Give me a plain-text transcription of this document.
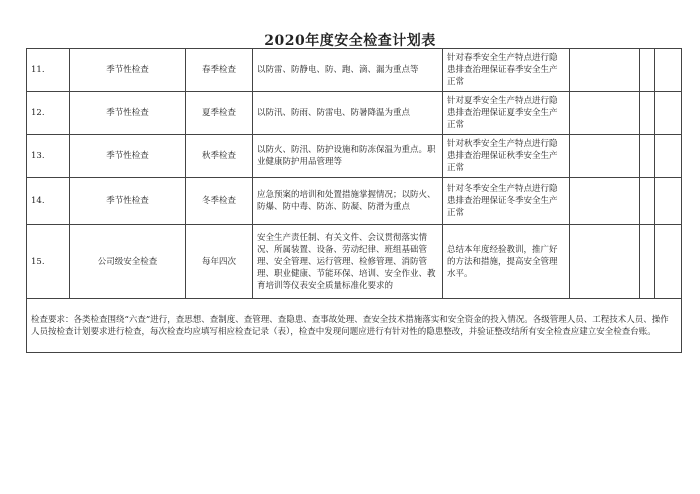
2020年度安全检查计划表
11.	季节性检查	春季检查	以防雷、防静电、防、跑、滴、漏为重点等	针对春季安全生产特点进行隐患排查治理保证春季安全生产正常			
12.	季节性检查	夏季检查	以防汛、防雨、防雷电、防暑降温为重点	针对夏季安全生产特点进行隐患排查治理保证夏季安全生产正常			
13.	季节性检查	秋季检查	以防火、防汛、防护设施和防冻保温为重点。职业健康防护用品管理等	针对秋季安全生产特点进行隐患排查治理保证秋季安全生产正常			
14.	季节性检查	冬季检查	应急预案的培训和处置措施掌握情况；以防火、防爆、防中毒、防冻、防凝、防滑为重点	针对冬季安全生产特点进行隐患排查治理保证冬季安全生产正常			
15.	公司级安全检查	每年四次	安全生产责任制、有关文件、会议贯彻落实情况、所属装置、设备、劳动纪律、班组基础管理、安全管理、运行管理、检修管理、消防管理、职业健康、节能环保、培训、安全作业、教育培训等仪表安全质量标准化要求的	总结本年度经验教训，推广好的方法和措施，提高安全管理水平。			
检查要求：各类检查围绕“六查”进行，查思想、查制度、查管理、查隐患、查事故处理、查安全技术措施落实和安全资金的投入情况。各级管理人员、工程技术人员、操作人员按检查计划要求进行检查，每次检查均应填写相应检查记录（表），检查中发现问题应进行有针对性的隐患整改，并验证整改结所有安全检查应建立安全检查台账。							
